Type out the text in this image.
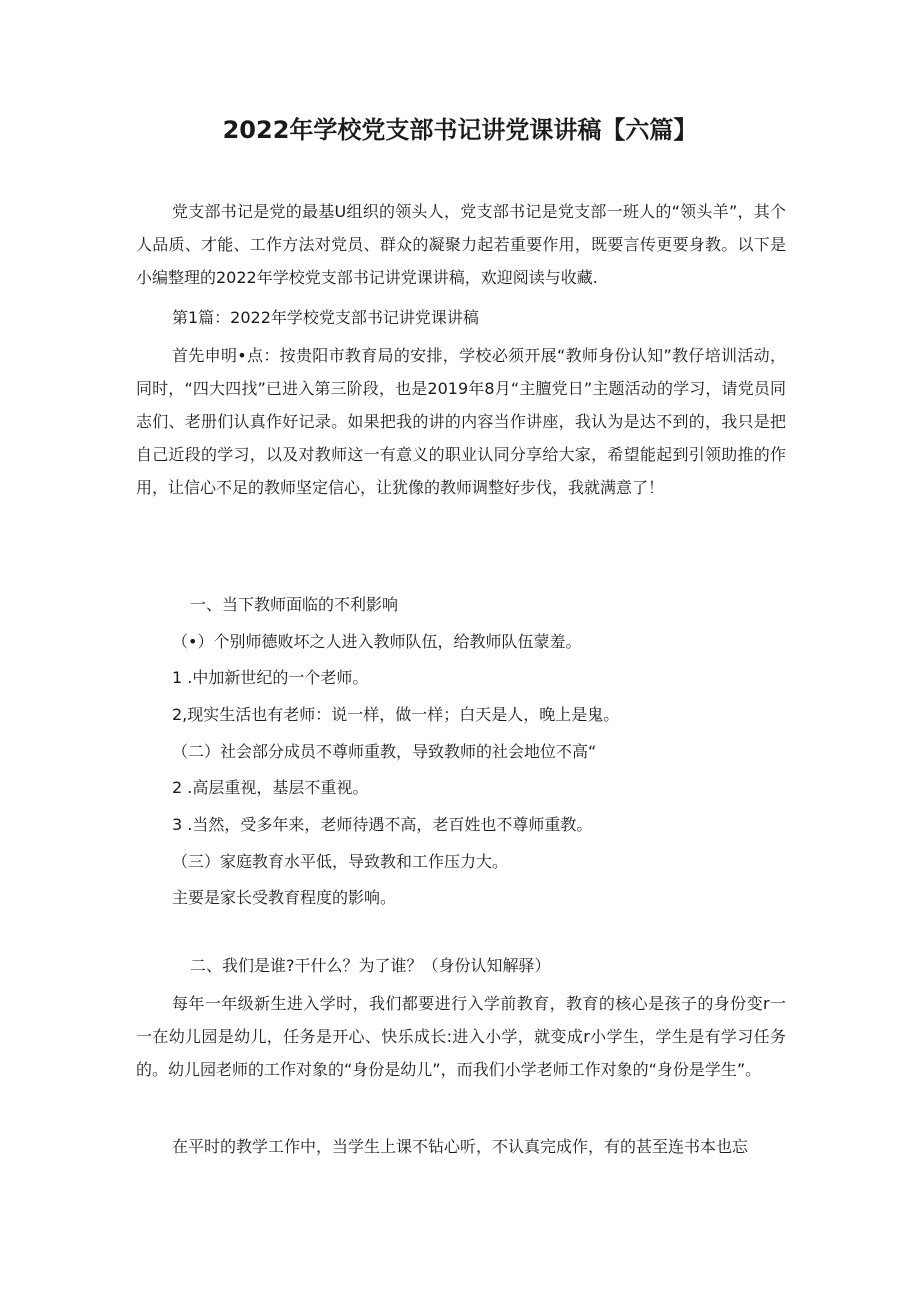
2022年学校党支部书记讲党课讲稿【六篇】
党支部书记是党的最基U组织的领头人，党支部书记是党支部一班人的“领头羊”，其个人品质、才能、工作方法对党员、群众的凝聚力起若重要作用，既要言传更要身教。以下是小编整理的2022年学校党支部书记讲党课讲稿，欢迎阅读与收藏.
第1篇：2022年学校党支部书记讲党课讲稿
首先申明•点：按贵阳市教育局的安排，学校必须开展“教师身份认知”教仔培训活动，同时，“四大四找”已进入第三阶段，也是2019年8月“主膻党日”主题活动的学习，请党员同志们、老册们认真作好记录。如果把我的讲的内容当作讲座，我认为是达不到的，我只是把自己近段的学习，以及对教师这一有意义的职业认同分享给大家，希望能起到引领助推的作用，让信心不足的教师坚定信心，让犹像的教师调整好步伐，我就满意了！
一、当下教师面临的不利影响
（•）个别师德败坏之人进入教师队伍，给教师队伍蒙羞。
1 .中加新世纪的一个老师。
2,现实生活也有老师：说一样，做一样；白天是人，晚上是鬼。
（二）社会部分成员不尊师重教，导致教师的社会地位不高“
2 .高层重视，基层不重视。
3 .当然，受多年来，老师待遇不高，老百姓也不尊师重教。
（三）家庭教育水平低，导致教和工作压力大。
主要是家长受教育程度的影响。
二、我们是谁?干什么？为了谁？（身份认知解驿）
每年一年级新生进入学时，我们都要进行入学前教育，教育的核心是孩子的身份变r一一在幼儿园是幼儿，任务是开心、快乐成长:进入小学，就变成r小学生，学生是有学习任务的。幼儿园老师的工作对象的“身份是幼儿”，而我们小学老师工作对象的“身份是学生”。
在平时的教学工作中，当学生上课不钻心听，不认真完成作，有的甚至连书本也忘
